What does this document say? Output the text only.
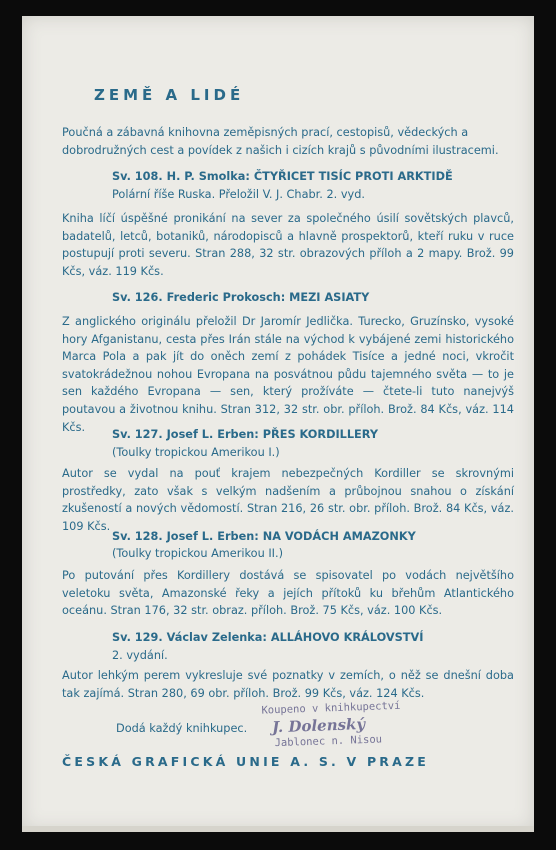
ZEMĚ A LIDÉ
Poučná a zábavná knihovna zeměpisných prací, cestopisů, vědeckých a dobrodružných cest a povídek z našich i cizích krajů s původními ilustracemi.
Sv. 108. H. P. Smolka: ČTYŘICET TISÍC PROTI ARKTIDĚ
Polární říše Ruska. Přeložil V. J. Chabr. 2. vyd.
Kniha líčí úspěšné pronikání na sever za společného úsilí sovětských plavců, badatelů, letců, botaniků, národopisců a hlavně prospektorů, kteří ruku v ruce postupují proti severu. Stran 288, 32 str. obrazových příloh a 2 mapy. Brož. 99 Kčs, váz. 119 Kčs.
Sv. 126. Frederic Prokosch: MEZI ASIATY
Z anglického originálu přeložil Dr Jaromír Jedlička. Turecko, Gruzínsko, vysoké hory Afganistanu, cesta přes Irán stále na východ k vybájené zemi historického Marca Pola a pak jít do oněch zemí z pohádek Tisíce a jedné noci, vkročit svatokrádežnou nohou Evropana na posvátnou půdu tajemného světa — to je sen každého Evropana — sen, který prožíváte — čtete-li tuto nanejvýš poutavou a životnou knihu. Stran 312, 32 str. obr. příloh. Brož. 84 Kčs, váz. 114 Kčs.
Sv. 127. Josef L. Erben: PŘES KORDILLERY
(Toulky tropickou Amerikou I.)
Autor se vydal na pouť krajem nebezpečných Kordiller se skrovnými prostředky, zato však s velkým nadšením a průbojnou snahou o získání zkušeností a nových vědomostí. Stran 216, 26 str. obr. příloh. Brož. 84 Kčs, váz. 109 Kčs.
Sv. 128. Josef L. Erben: NA VODÁCH AMAZONKY
(Toulky tropickou Amerikou II.)
Po putování přes Kordillery dostává se spisovatel po vodách největšího veletoku světa, Amazonské řeky a jejích přítoků ku břehům Atlantického oceánu. Stran 176, 32 str. obraz. příloh. Brož. 75 Kčs, váz. 100 Kčs.
Sv. 129. Václav Zelenka: ALLÁHOVO KRÁLOVSTVÍ
2. vydání.
Autor lehkým perem vykresluje své poznatky v zemích, o něž se dnešní doba tak zajímá. Stran 280, 69 obr. příloh. Brož. 99 Kčs, váz. 124 Kčs.
Dodá každý knihkupec.
Koupeno v knihkupectví
J. Dolenský
Jablonec n. Nisou
ČESKÁ GRAFICKÁ UNIE A. S. V PRAZE
